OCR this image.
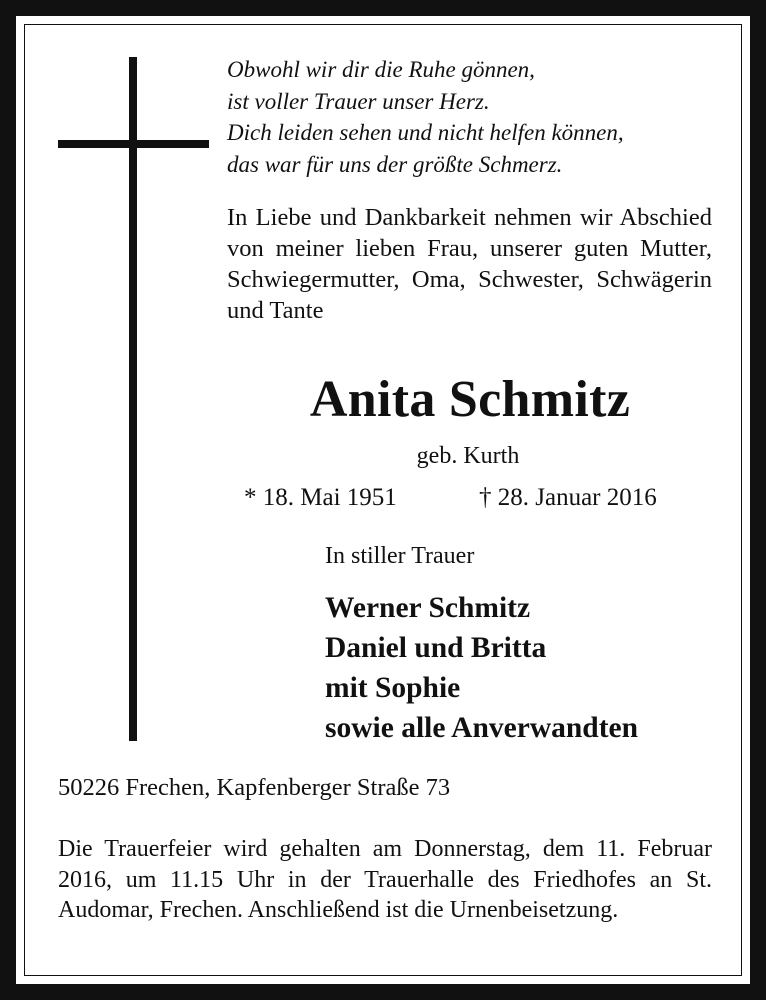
Obwohl wir dir die Ruhe gönnen,
ist voller Trauer unser Herz.
Dich leiden sehen und nicht helfen können,
das war für uns der größte Schmerz.
In Liebe und Dankbarkeit nehmen wir Abschied von meiner lieben Frau, unserer guten Mutter, Schwiegermutter, Oma, Schwester, Schwägerin und Tante
Anita Schmitz
geb. Kurth
* 18. Mai 1951	† 28. Januar 2016
In stiller Trauer
Werner Schmitz
Daniel und Britta
mit Sophie
sowie alle Anverwandten
50226 Frechen, Kapfenberger Straße 73
Die Trauerfeier wird gehalten am Donnerstag, dem 11. Februar 2016, um 11.15 Uhr in der Trauerhalle des Friedhofes an St. Audomar, Frechen. Anschließend ist die Urnenbeisetzung.
